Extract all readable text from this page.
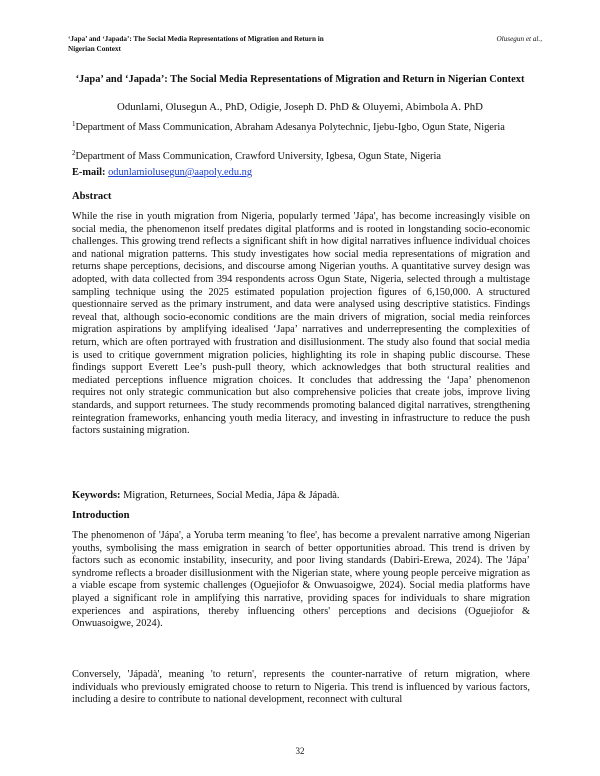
‘Japa’ and ‘Japada’: The Social Media Representations of Migration and Return in Nigerian Context
Olusegun et al.,
‘Japa’ and ‘Japada’: The Social Media Representations of Migration and Return in Nigerian Context
Odunlami, Olusegun A., PhD, Odigie, Joseph D. PhD & Oluyemi, Abimbola A. PhD
$^1$Department of Mass Communication, Abraham Adesanya Polytechnic, Ijebu-Igbo, Ogun State, Nigeria
$^2$Department of Mass Communication, Crawford University, Igbesa, Ogun State, Nigeria
E-mail: odunlamiolusegun@aapoly.edu.ng
Abstract
While the rise in youth migration from Nigeria, popularly termed 'Jápa', has become increasingly visible on social media, the phenomenon itself predates digital platforms and is rooted in longstanding socio-economic challenges. This growing trend reflects a significant shift in how digital narratives influence individual choices and national migration patterns. This study investigates how social media representations of migration and returns shape perceptions, decisions, and discourse among Nigerian youths. A quantitative survey design was adopted, with data collected from 394 respondents across Ogun State, Nigeria, selected through a multistage sampling technique using the 2025 estimated population projection figures of 6,150,000. A structured questionnaire served as the primary instrument, and data were analysed using descriptive statistics. Findings reveal that, although socio-economic conditions are the main drivers of migration, social media reinforces migration aspirations by amplifying idealised ‘Japa’ narratives and underrepresenting the complexities of return, which are often portrayed with frustration and disillusionment. The study also found that social media is used to critique government migration policies, highlighting its role in shaping public discourse. These findings support Everett Lee’s push-pull theory, which acknowledges that both structural realities and mediated perceptions influence migration choices. It concludes that addressing the ‘Japa’ phenomenon requires not only strategic communication but also comprehensive policies that create jobs, improve living standards, and support returnees. The study recommends promoting balanced digital narratives, strengthening reintegration frameworks, enhancing youth media literacy, and investing in infrastructure to reduce the push factors sustaining migration.
Keywords: Migration, Returnees, Social Media, Jápa & Jápadà.
Introduction
The phenomenon of 'Jápa', a Yoruba term meaning 'to flee', has become a prevalent narrative among Nigerian youths, symbolising the mass emigration in search of better opportunities abroad. This trend is driven by factors such as economic instability, insecurity, and poor living standards (Dabiri-Erewa, 2024). The 'Jápa’ syndrome reflects a broader disillusionment with the Nigerian state, where young people perceive migration as a viable escape from systemic challenges (Oguejiofor & Onwuasoigwe, 2024). Social media platforms have played a significant role in amplifying this narrative, providing spaces for individuals to share migration experiences and aspirations, thereby influencing others' perceptions and decisions (Oguejiofor & Onwuasoigwe, 2024).
Conversely, 'Jápadà', meaning 'to return', represents the counter-narrative of return migration, where individuals who previously emigrated choose to return to Nigeria. This trend is influenced by various factors, including a desire to contribute to national development, reconnect with cultural
32
